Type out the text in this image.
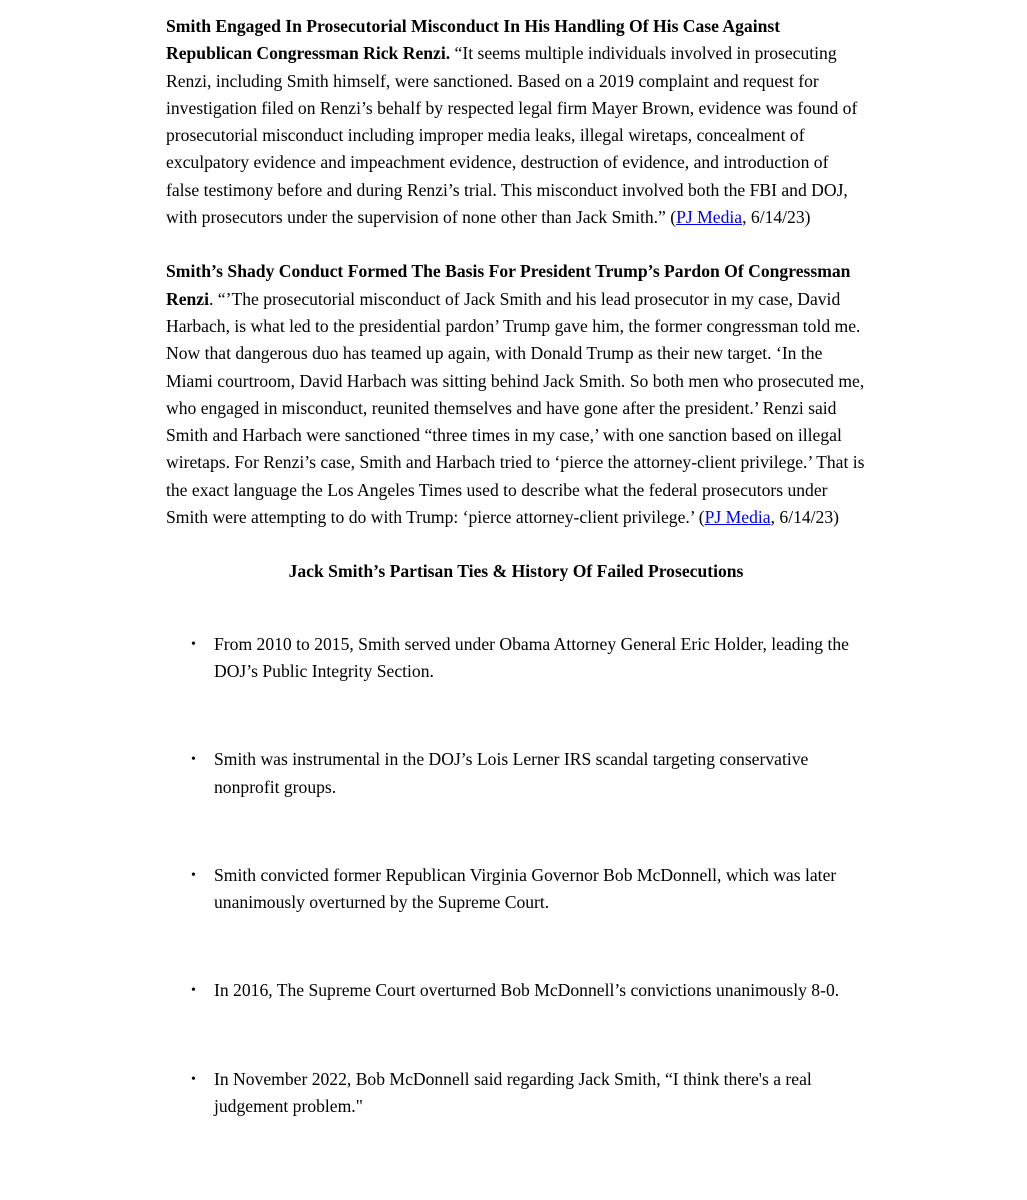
Smith Engaged In Prosecutorial Misconduct In His Handling Of His Case Against Republican Congressman Rick Renzi. “It seems multiple individuals involved in prosecuting Renzi, including Smith himself, were sanctioned. Based on a 2019 complaint and request for investigation filed on Renzi’s behalf by respected legal firm Mayer Brown, evidence was found of prosecutorial misconduct including improper media leaks, illegal wiretaps, concealment of exculpatory evidence and impeachment evidence, destruction of evidence, and introduction of false testimony before and during Renzi’s trial. This misconduct involved both the FBI and DOJ, with prosecutors under the supervision of none other than Jack Smith.” (PJ Media, 6/14/23)

Smith’s Shady Conduct Formed The Basis For President Trump’s Pardon Of Congressman Renzi. “’The prosecutorial misconduct of Jack Smith and his lead prosecutor in my case, David Harbach, is what led to the presidential pardon’ Trump gave him, the former congressman told me. Now that dangerous duo has teamed up again, with Donald Trump as their new target. ‘In the Miami courtroom, David Harbach was sitting behind Jack Smith. So both men who prosecuted me, who engaged in misconduct, reunited themselves and have gone after the president.’ Renzi said Smith and Harbach were sanctioned “three times in my case,’ with one sanction based on illegal wiretaps. For Renzi’s case, Smith and Harbach tried to ‘pierce the attorney-client privilege.’ That is the exact language the Los Angeles Times used to describe what the federal prosecutors under Smith were attempting to do with Trump: ‘pierce attorney-client privilege.’ (PJ Media, 6/14/23)

Jack Smith’s Partisan Ties & History Of Failed Prosecutions
• From 2010 to 2015, Smith served under Obama Attorney General Eric Holder, leading the DOJ’s Public Integrity Section.
• Smith was instrumental in the DOJ’s Lois Lerner IRS scandal targeting conservative nonprofit groups.
• Smith convicted former Republican Virginia Governor Bob McDonnell, which was later unanimously overturned by the Supreme Court.
• In 2016, The Supreme Court overturned Bob McDonnell’s convictions unanimously 8-0.
• In November 2022, Bob McDonnell said regarding Jack Smith, “I think there's a real judgement problem."
